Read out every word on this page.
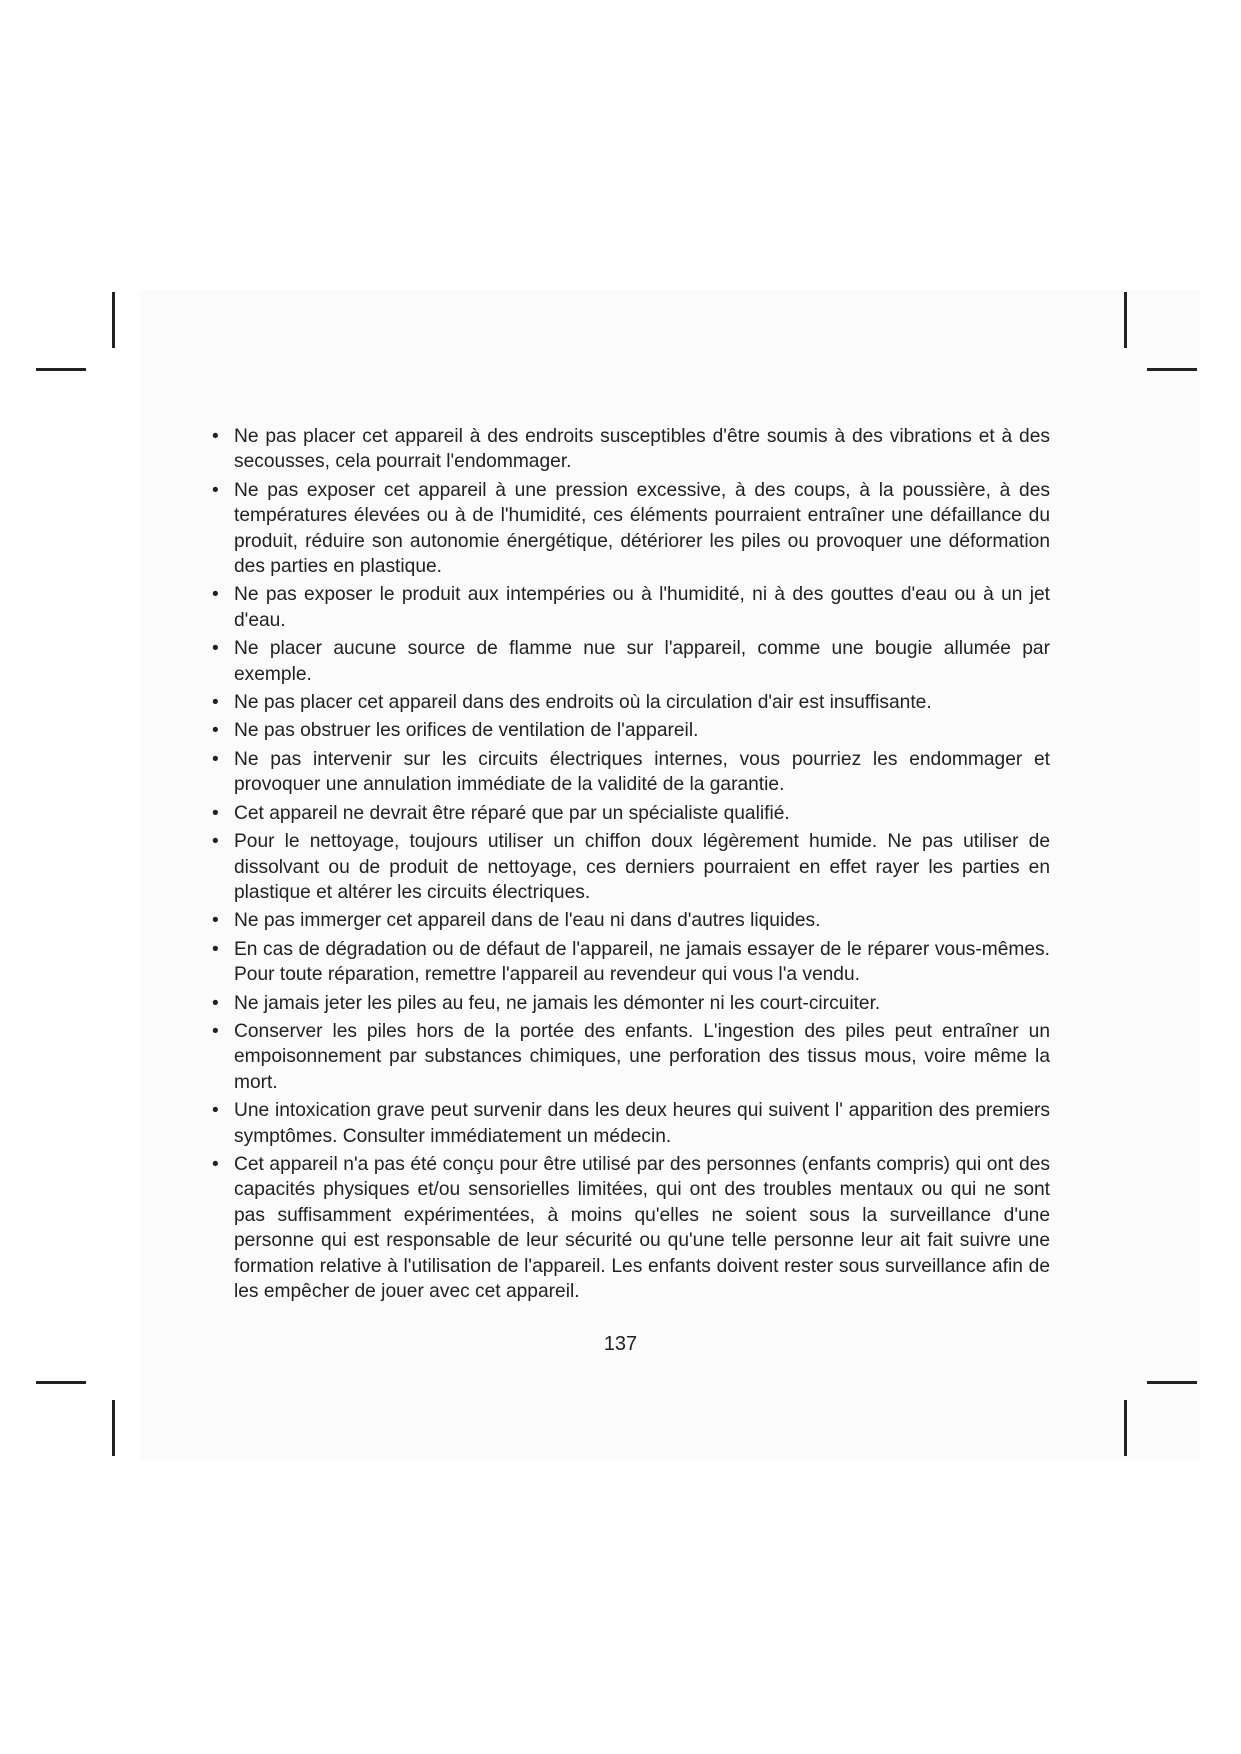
• Ne pas placer cet appareil à des endroits susceptibles d'être soumis à des vibrations et à des secousses, cela pourrait l'endommager.
• Ne pas exposer cet appareil à une pression excessive, à des coups, à la poussière, à des températures élevées ou à de l'humidité, ces éléments pourraient entraîner une défaillance du produit, réduire son autonomie énergétique, détériorer les piles ou provoquer une déformation des parties en plastique.
• Ne pas exposer le produit aux intempéries ou à l'humidité, ni à des gouttes d'eau ou à un jet d'eau.
• Ne placer aucune source de flamme nue sur l'appareil, comme une bougie allumée par exemple.
• Ne pas placer cet appareil dans des endroits où la circulation d'air est insuffisante.
• Ne pas obstruer les orifices de ventilation de l'appareil.
• Ne pas intervenir sur les circuits électriques internes, vous pourriez les endommager et provoquer une annulation immédiate de la validité de la garantie.
• Cet appareil ne devrait être réparé que par un spécialiste qualifié.
• Pour le nettoyage, toujours utiliser un chiffon doux légèrement humide. Ne pas utiliser de dissolvant ou de produit de nettoyage, ces derniers pourraient en effet rayer les parties en plastique et altérer les circuits électriques.
• Ne pas immerger cet appareil dans de l'eau ni dans d'autres liquides.
• En cas de dégradation ou de défaut de l'appareil, ne jamais essayer de le réparer vous-mêmes. Pour toute réparation, remettre l'appareil au revendeur qui vous l'a vendu.
• Ne jamais jeter les piles au feu, ne jamais les démonter ni les court-circuiter.
• Conserver les piles hors de la portée des enfants. L'ingestion des piles peut entraîner un empoisonnement par substances chimiques, une perforation des tissus mous, voire même la mort.
• Une intoxication grave peut survenir dans les deux heures qui suivent l' apparition des premiers symptômes. Consulter immédiatement un médecin.
• Cet appareil n'a pas été conçu pour être utilisé par des personnes (enfants compris) qui ont des capacités physiques et/ou sensorielles limitées, qui ont des troubles mentaux ou qui ne sont pas suffisamment expérimentées, à moins qu'elles ne soient sous la surveillance d'une personne qui est responsable de leur sécurité ou qu'une telle personne leur ait fait suivre une formation relative à l'utilisation de l'appareil. Les enfants doivent rester sous surveillance afin de les empêcher de jouer avec cet appareil.
137
